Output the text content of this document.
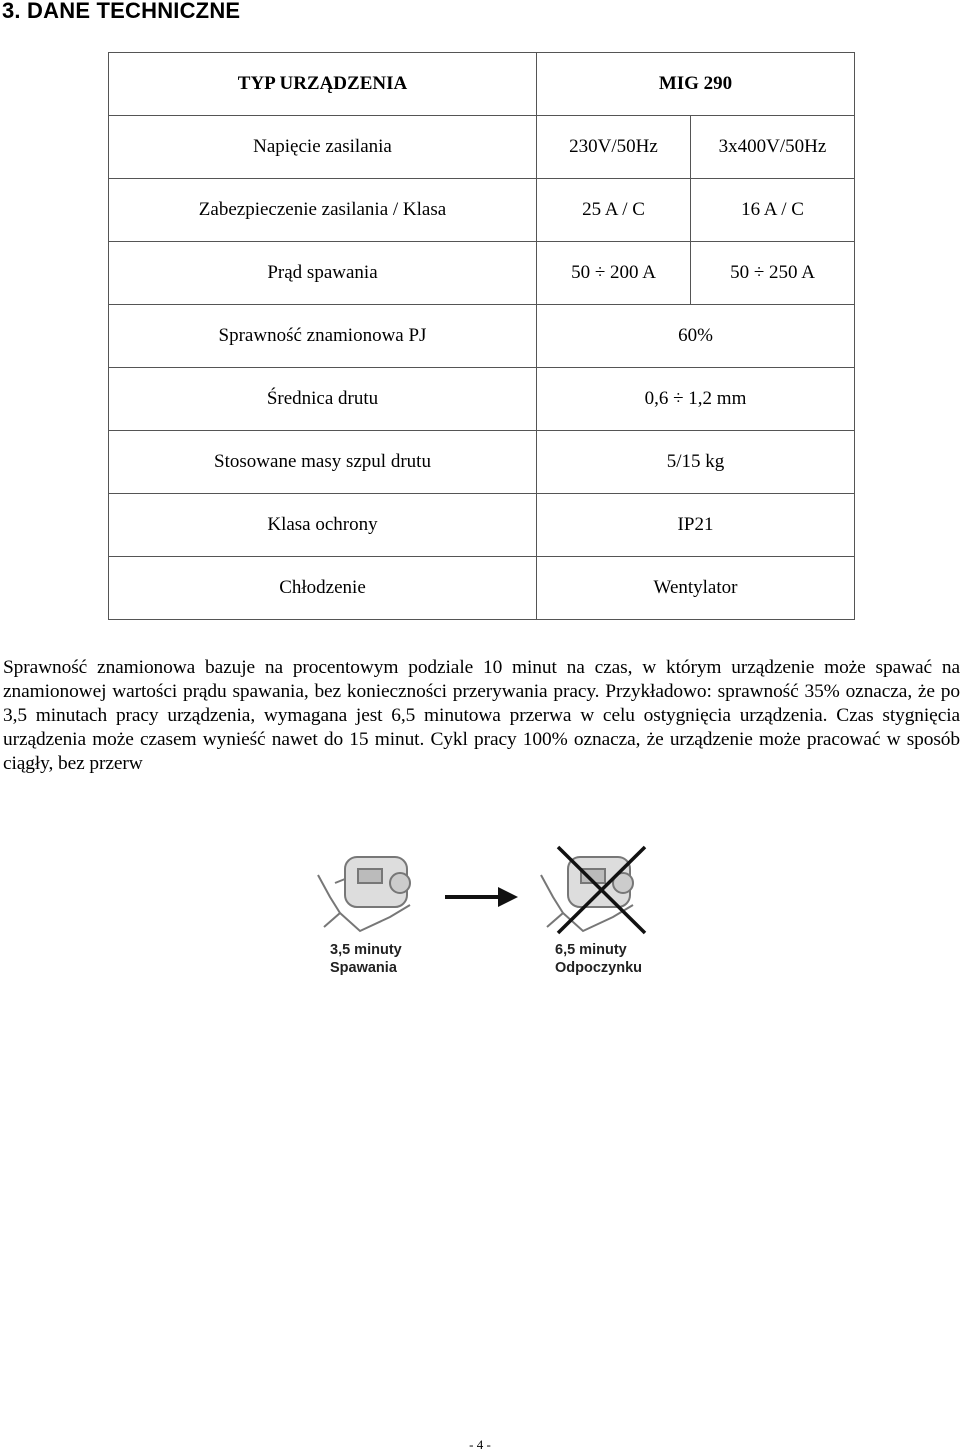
3. DANE TECHNICZNE
TYP URZĄDZENIA	MIG 290	
Napięcie zasilania	230V/50Hz	3x400V/50Hz
Zabezpieczenie zasilania / Klasa	25 A / C	16 A / C
Prąd spawania	50 ÷ 200 A	50 ÷ 250 A
Sprawność znamionowa PJ	60%	
Średnica drutu	0,6 ÷ 1,2 mm	
Stosowane masy szpul drutu	5/15 kg	
Klasa ochrony	IP21	
Chłodzenie	Wentylator	

Sprawność znamionowa bazuje na procentowym podziale 10 minut na czas, w którym urządzenie może spawać na znamionowej wartości prądu spawania, bez konieczności przerywania pracy. Przykładowo: sprawność 35% oznacza, że po 3,5 minutach pracy urządzenia, wymagana jest 6,5 minutowa przerwa w celu ostygnięcia urządzenia. Czas stygnięcia urządzenia może czasem wynieść nawet do 15 minut. Cykl pracy 100% oznacza, że urządzenie może pracować w sposób ciągły, bez przerw

3,5 minuty
Spawania
6,5 minuty
Odpoczynku
- 4 -
